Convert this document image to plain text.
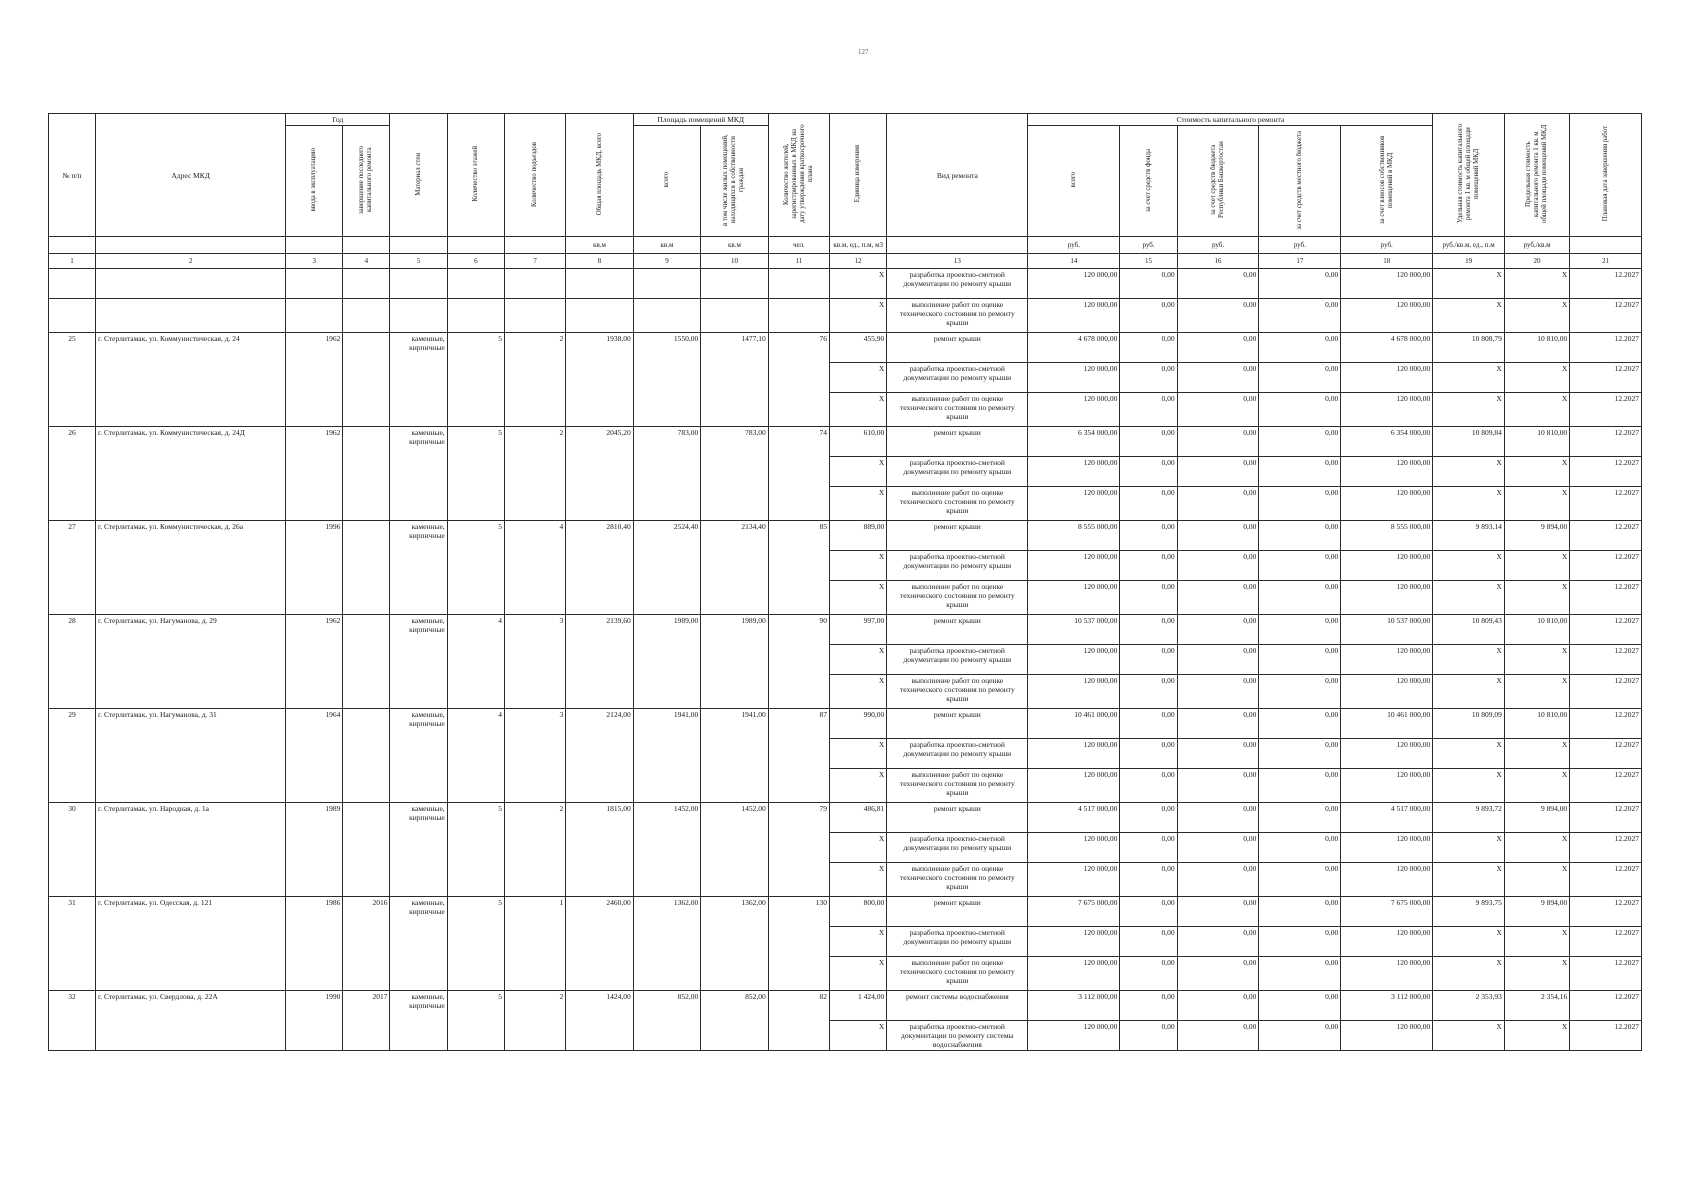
127
№ п/п	Адрес МКД	Год		Материал стен	Количество этажей	Количество подъездов	Общая площадь МКД, всего	Площадь помещений МКД		Количество жителей, зарегистрированных в МКД на дату утверждения краткосрочного плана	Единица измерения	Вид ремонта	Стоимость капитального ремонта					Удельная стоимость капитального ремонта 1 кв. м общей площади помещений МКД	Предельная стоимость капитального ремонта 1 кв. м общей площади помещений МКД	Плановая дата завершения работ
		ввода в эксплуатацию	завершение последнего капитального ремонта					всего	в том числе жилых помещений, находящихся в собственности граждан				всего	за счет средств фонда	за счет средств бюджета Республики Башкортостан	за счет средств местного бюджета	за счет взносов собственников помещений в МКД			
							кв.м	кв.м	кв.м	чел.	кв.м, ед., п.м, м3		руб.	руб.	руб.	руб.	руб.	руб./кв.м, ед., п.м	руб./кв.м	
1	2	3	4	5	6	7	8	9	10	11	12	13	14	15	16	17	18	19	20	21
											X	разработка проектно-сметной документации по ремонту крыши	120 000,00	0,00	0,00	0,00	120 000,00	X	X	12.2027
											X	выполнение работ по оценке технического состояния по ремонту крыши	120 000,00	0,00	0,00	0,00	120 000,00	X	X	12.2027
25	г. Стерлитамак, ул. Коммунистическая, д. 24	1962		каменные, кирпичные	5	2	1938,00	1550,00	1477,10	76	455,90	ремонт крыши	4 678 000,00	0,00	0,00	0,00	4 678 000,00	10 808,79	10 810,00	12.2027
											X	разработка проектно-сметной документации по ремонту крыши	120 000,00	0,00	0,00	0,00	120 000,00	X	X	12.2027
											X	выполнение работ по оценке технического состояния по ремонту крыши	120 000,00	0,00	0,00	0,00	120 000,00	X	X	12.2027
26	г. Стерлитамак, ул. Коммунистическая, д. 24Д	1962		каменные, кирпичные	5	2	2045,20	783,00	783,00	74	610,00	ремонт крыши	6 354 000,00	0,00	0,00	0,00	6 354 000,00	10 809,84	10 810,00	12.2027
											X	разработка проектно-сметной документации по ремонту крыши	120 000,00	0,00	0,00	0,00	120 000,00	X	X	12.2027
											X	выполнение работ по оценке технического состояния по ремонту крыши	120 000,00	0,00	0,00	0,00	120 000,00	X	X	12.2027
27	г. Стерлитамак, ул. Коммунистическая, д. 26а	1996		каменные, кирпичные	5	4	2810,40	2524,40	2134,40	85	889,00	ремонт крыши	8 555 000,00	0,00	0,00	0,00	8 555 000,00	9 893,14	9 894,00	12.2027
											X	разработка проектно-сметной документации по ремонту крыши	120 000,00	0,00	0,00	0,00	120 000,00	X	X	12.2027
											X	выполнение работ по оценке технического состояния по ремонту крыши	120 000,00	0,00	0,00	0,00	120 000,00	X	X	12.2027
28	г. Стерлитамак, ул. Нагуманова, д. 29	1962		каменные, кирпичные	4	3	2139,60	1989,00	1989,00	90	997,00	ремонт крыши	10 537 000,00	0,00	0,00	0,00	10 537 000,00	10 809,43	10 810,00	12.2027
											X	разработка проектно-сметной документации по ремонту крыши	120 000,00	0,00	0,00	0,00	120 000,00	X	X	12.2027
											X	выполнение работ по оценке технического состояния по ремонту крыши	120 000,00	0,00	0,00	0,00	120 000,00	X	X	12.2027
29	г. Стерлитамак, ул. Нагуманова, д. 31	1964		каменные, кирпичные	4	3	2124,00	1941,00	1941,00	87	990,00	ремонт крыши	10 461 000,00	0,00	0,00	0,00	10 461 000,00	10 809,09	10 810,00	12.2027
											X	разработка проектно-сметной документации по ремонту крыши	120 000,00	0,00	0,00	0,00	120 000,00	X	X	12.2027
											X	выполнение работ по оценке технического состояния по ремонту крыши	120 000,00	0,00	0,00	0,00	120 000,00	X	X	12.2027
30	г. Стерлитамак, ул. Народная, д. 1а	1989		каменные, кирпичные	5	2	1815,00	1452,00	1452,00	79	486,81	ремонт крыши	4 517 000,00	0,00	0,00	0,00	4 517 000,00	9 893,72	9 894,00	12.2027
											X	разработка проектно-сметной документации по ремонту крыши	120 000,00	0,00	0,00	0,00	120 000,00	X	X	12.2027
											X	выполнение работ по оценке технического состояния по ремонту крыши	120 000,00	0,00	0,00	0,00	120 000,00	X	X	12.2027
31	г. Стерлитамак, ул. Одесская, д. 121	1986	2016	каменные, кирпичные	5	1	2460,00	1362,00	1362,00	130	800,00	ремонт крыши	7 675 000,00	0,00	0,00	0,00	7 675 000,00	9 893,75	9 894,00	12.2027
											X	разработка проектно-сметной документации по ремонту крыши	120 000,00	0,00	0,00	0,00	120 000,00	X	X	12.2027
											X	выполнение работ по оценке технического состояния по ремонту крыши	120 000,00	0,00	0,00	0,00	120 000,00	X	X	12.2027
32	г. Стерлитамак, ул. Свердлова, д. 22А	1990	2017	каменные, кирпичные	5	2	1424,00	852,00	852,00	82	1 424,00	ремонт системы водоснабжения	3 112 000,00	0,00	0,00	0,00	3 112 000,00	2 353,93	2 354,16	12.2027
											X	разработка проектно-сметной документации по ремонту системы водоснабжения	120 000,00	0,00	0,00	0,00	120 000,00	X	X	12.2027
